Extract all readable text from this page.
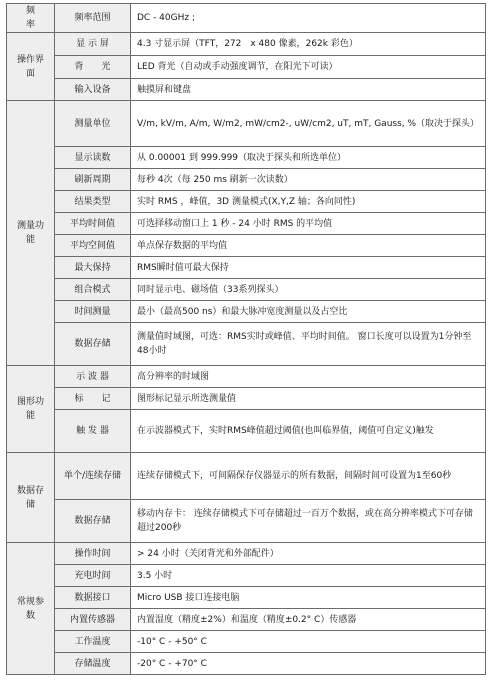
频　　率	频率范围	DC - 40GHz ;
操作界面	显 示 屏	4.3 寸显示屏（TFT，272　x 480 像素，262k 彩色）
	背　　光	LED 背光（自动或手动强度调节，在阳光下可读）
	输入设备	触摸屏和键盘
测量功能	测量单位	V/m, kV/m, A/m, W/m2, mW/cm2-, uW/cm2, uT, mT, Gauss, %（取决于探头）
	显示读数	从 0.00001 到 999.999（取决于探头和所选单位）
	刷新周期	每秒 4次（每 250 ms 刷新一次读数）
	结果类型	实时 RMS ，峰值，3D 测量模式(X,Y,Z 轴；各向同性)
	平均时间值	可选择移动窗口上 1 秒 - 24 小时 RMS 的平均值
	平均空间值	单点保存数据的平均值
	最大保持	RMS瞬时值可最大保持
	组合模式	同时显示电、磁场值（33系列探头）
	时间测量	最小（最高500 ns）和最大脉冲宽度测量以及占空比
	数据存储	测量值时域图，可选：RMS实时或峰值、平均时间值。 窗口长度可以设置为1分钟至48小时
图形功能	示 波 器	高分辨率的时域图
	标　　记	图形标记显示所选测量值
	触 发 器	在示波器模式下，实时RMS峰值超过阈值(也叫临界值，阈值可自定义)触发
数据存储	单个/连续存储	连续存储模式下，可间隔保存仪器显示的所有数据，间隔时间可设置为1至60秒
	数据存储	移动内存卡： 连续存储模式下可存储超过一百万个数据，或在高分辨率模式下可存储超过200秒
常规参数	操作时间	> 24 小时（关闭背光和外部配件）
	充电时间	3.5 小时
	数据接口	Micro USB 接口连接电脑
	内置传感器	内置湿度（精度±2%）和温度（精度±0.2° C）传感器
	工作温度	-10° C - +50° C
	存储温度	-20° C - +70° C
